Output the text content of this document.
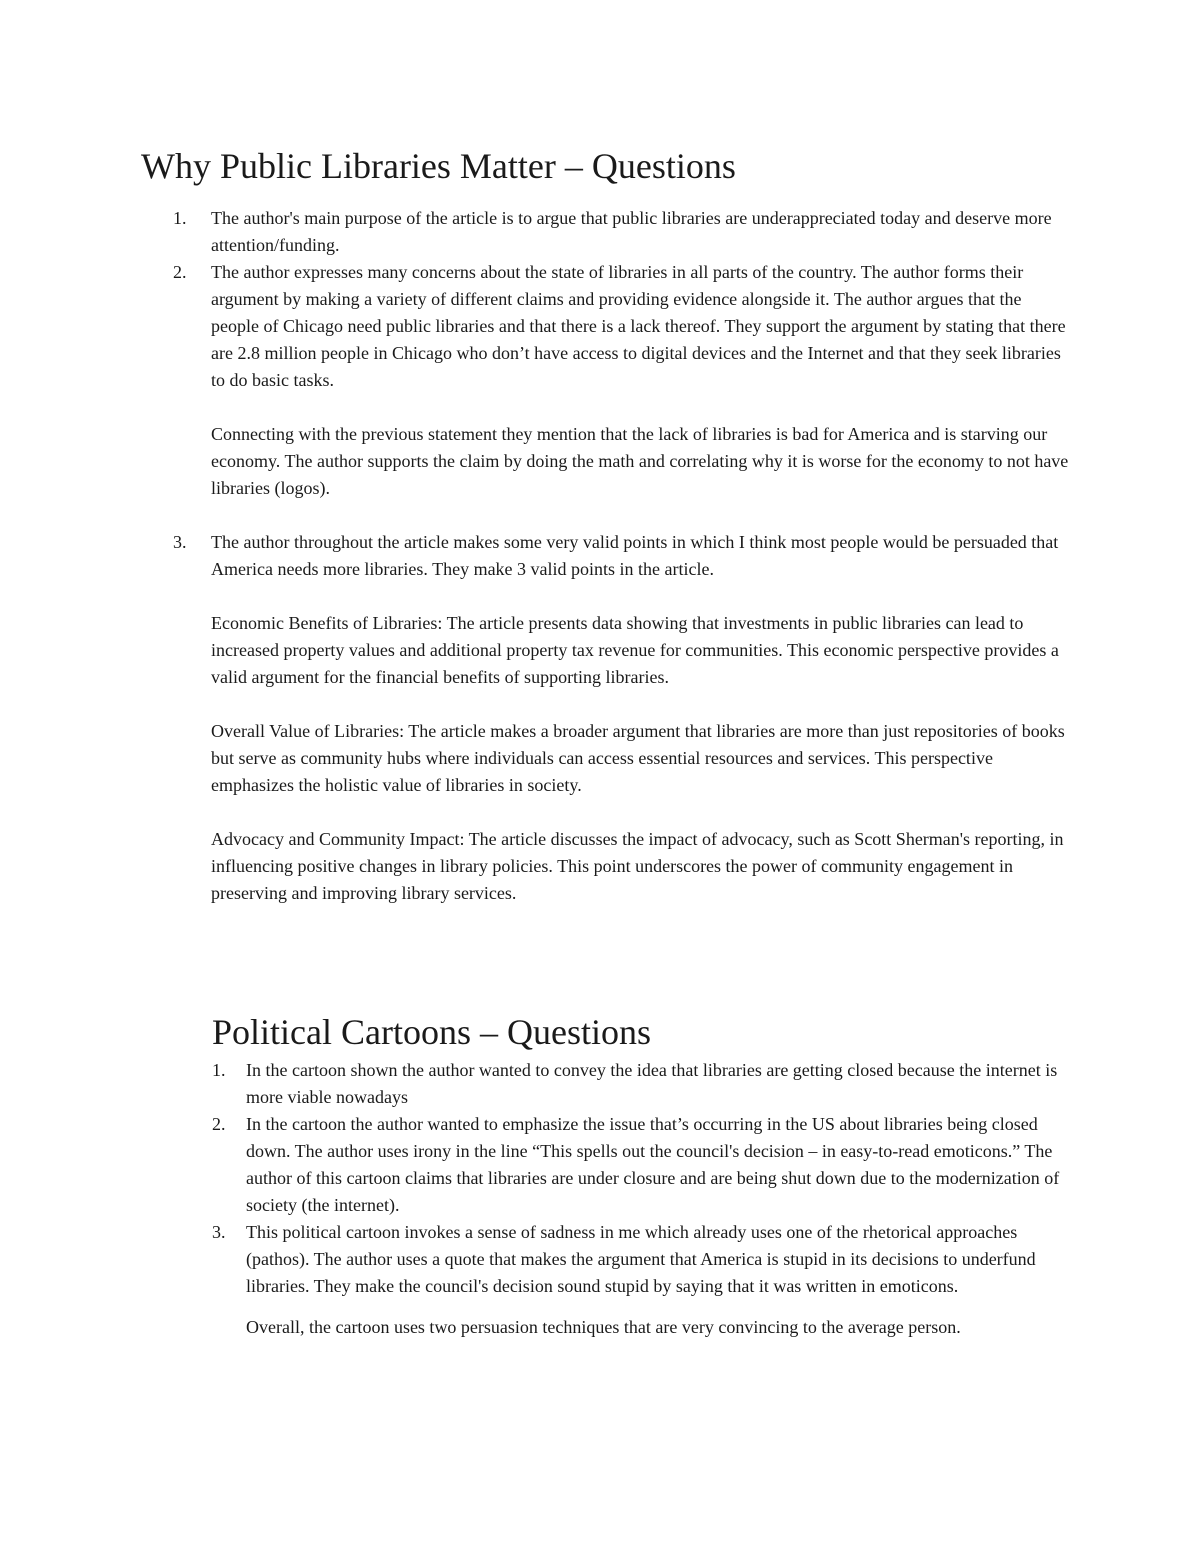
Why Public Libraries Matter – Questions
1. The author's main purpose of the article is to argue that public libraries are underappreciated today and deserve more attention/funding.

2. The author expresses many concerns about the state of libraries in all parts of the country. The author forms their argument by making a variety of different claims and providing evidence alongside it. The author argues that the people of Chicago need public libraries and that there is a lack thereof. They support the argument by stating that there are 2.8 million people in Chicago who don’t have access to digital devices and the Internet and that they seek libraries to do basic tasks.

Connecting with the previous statement they mention that the lack of libraries is bad for America and is starving our economy. The author supports the claim by doing the math and correlating why it is worse for the economy to not have libraries (logos).

3. The author throughout the article makes some very valid points in which I think most people would be persuaded that America needs more libraries. They make 3 valid points in the article.

Economic Benefits of Libraries: The article presents data showing that investments in public libraries can lead to increased property values and additional property tax revenue for communities. This economic perspective provides a valid argument for the financial benefits of supporting libraries.

Overall Value of Libraries: The article makes a broader argument that libraries are more than just repositories of books but serve as community hubs where individuals can access essential resources and services. This perspective emphasizes the holistic value of libraries in society.

Advocacy and Community Impact: The article discusses the impact of advocacy, such as Scott Sherman's reporting, in influencing positive changes in library policies. This point underscores the power of community engagement in preserving and improving library services.

Political Cartoons – Questions
1. In the cartoon shown the author wanted to convey the idea that libraries are getting closed because the internet is more viable nowadays

2. In the cartoon the author wanted to emphasize the issue that’s occurring in the US about libraries being closed down. The author uses irony in the line “This spells out the council's decision – in easy-to-read emoticons.” The author of this cartoon claims that libraries are under closure and are being shut down due to the modernization of society (the internet).

3. This political cartoon invokes a sense of sadness in me which already uses one of the rhetorical approaches (pathos). The author uses a quote that makes the argument that America is stupid in its decisions to underfund libraries. They make the council's decision sound stupid by saying that it was written in emoticons.

Overall, the cartoon uses two persuasion techniques that are very convincing to the average person.
